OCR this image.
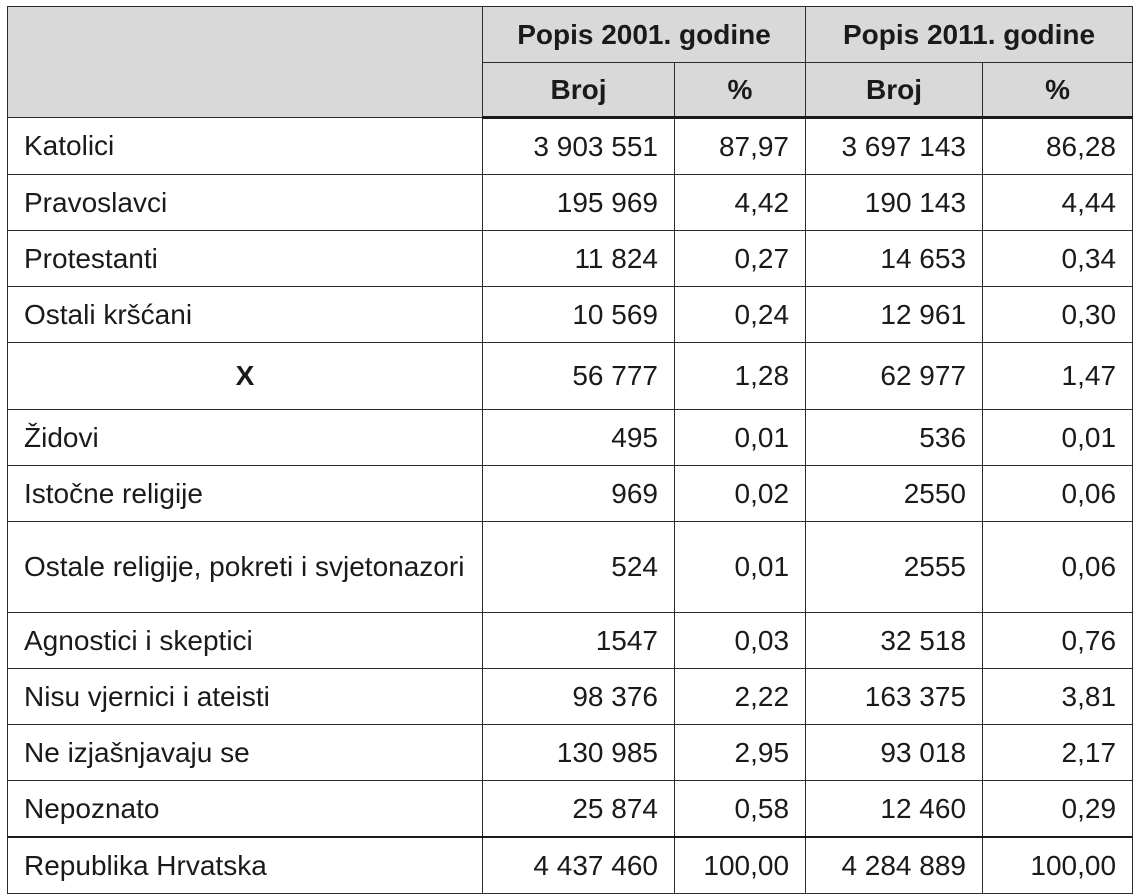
	Popis 2001. godine		Popis 2011. godine	
	Broj	%	Broj	%
Katolici	3 903 551	87,97	3 697 143	86,28
Pravoslavci	195 969	4,42	190 143	4,44
Protestanti	11 824	0,27	14 653	0,34
Ostali kršćani	10 569	0,24	12 961	0,30
X	56 777	1,28	62 977	1,47
Židovi	495	0,01	536	0,01
Istočne religije	969	0,02	2550	0,06
Ostale religije, pokreti i svjetonazori	524	0,01	2555	0,06
Agnostici i skeptici	1547	0,03	32 518	0,76
Nisu vjernici i ateisti	98 376	2,22	163 375	3,81
Ne izjašnjavaju se	130 985	2,95	93 018	2,17
Nepoznato	25 874	0,58	12 460	0,29
Republika Hrvatska	4 437 460	100,00	4 284 889	100,00
